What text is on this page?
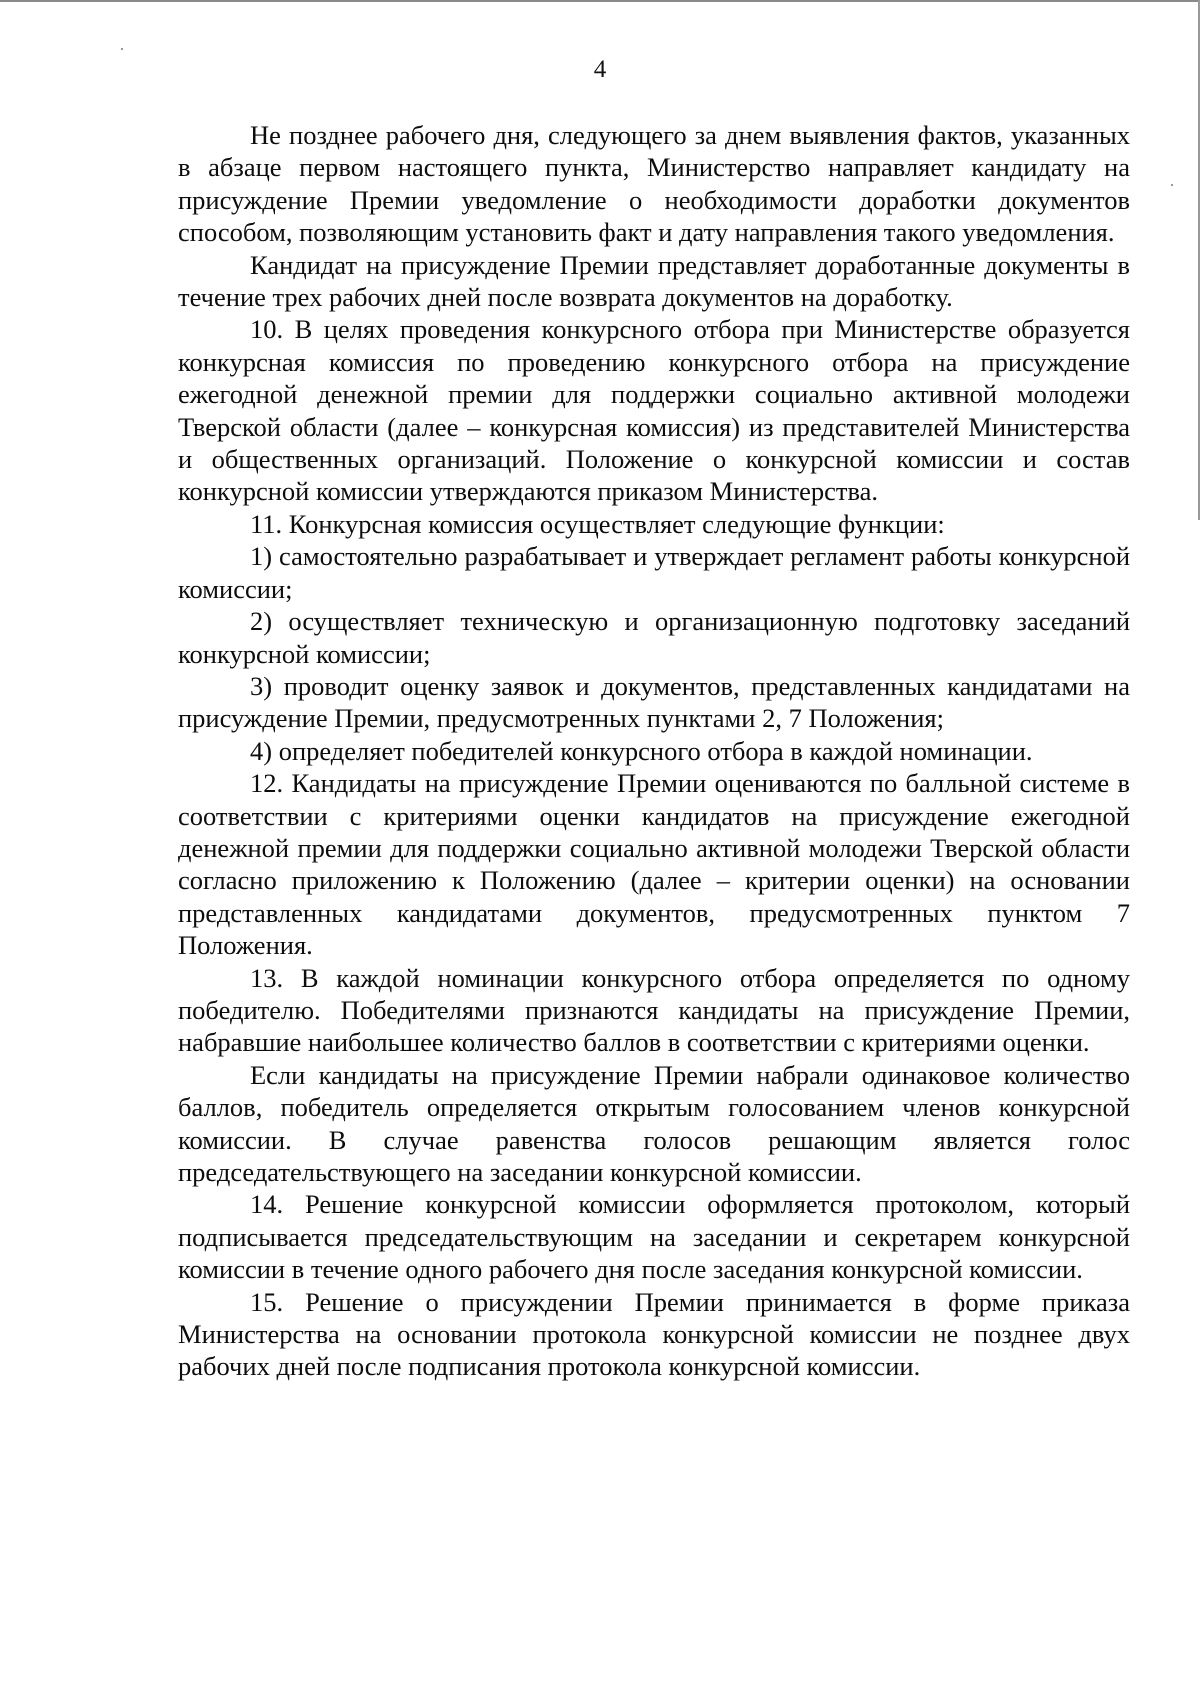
4

Не позднее рабочего дня, следующего за днем выявления фактов, указанных в абзаце первом настоящего пункта, Министерство направляет кандидату на присуждение Премии уведомление о необходимости доработки документов способом, позволяющим установить факт и дату направления такого уведомления.

Кандидат на присуждение Премии представляет доработанные документы в течение трех рабочих дней после возврата документов на доработку.

10. В целях проведения конкурсного отбора при Министерстве образуется конкурсная комиссия по проведению конкурсного отбора на присуждение ежегодной денежной премии для поддержки социально активной молодежи Тверской области (далее – конкурсная комиссия) из представителей Министерства и общественных организаций. Положение о конкурсной комиссии и состав конкурсной комиссии утверждаются приказом Министерства.

11. Конкурсная комиссия осуществляет следующие функции:

1) самостоятельно разрабатывает и утверждает регламент работы конкурсной комиссии;

2) осуществляет техническую и организационную подготовку заседаний конкурсной комиссии;

3) проводит оценку заявок и документов, представленных кандидатами на присуждение Премии, предусмотренных пунктами 2, 7 Положения;

4) определяет победителей конкурсного отбора в каждой номинации.

12. Кандидаты на присуждение Премии оцениваются по балльной системе в соответствии с критериями оценки кандидатов на присуждение ежегодной денежной премии для поддержки социально активной молодежи Тверской области согласно приложению к Положению (далее – критерии оценки) на основании представленных кандидатами документов, предусмотренных пунктом 7 Положения.

13. В каждой номинации конкурсного отбора определяется по одному победителю. Победителями признаются кандидаты на присуждение Премии, набравшие наибольшее количество баллов в соответствии с критериями оценки.

Если кандидаты на присуждение Премии набрали одинаковое количество баллов, победитель определяется открытым голосованием членов конкурсной комиссии. В случае равенства голосов решающим является голос председательствующего на заседании конкурсной комиссии.

14. Решение конкурсной комиссии оформляется протоколом, который подписывается председательствующим на заседании и секретарем конкурсной комиссии в течение одного рабочего дня после заседания конкурсной комиссии.

15. Решение о присуждении Премии принимается в форме приказа Министерства на основании протокола конкурсной комиссии не позднее двух рабочих дней после подписания протокола конкурсной комиссии.
